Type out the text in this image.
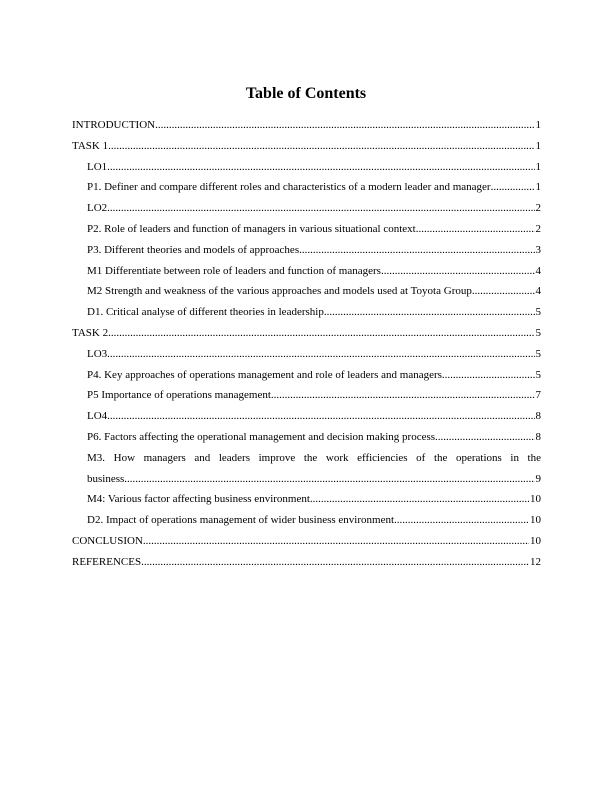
Table of Contents
INTRODUCTION .....	1
TASK 1 .....	1
LO1 .....	1
P1. Definer and compare different roles and characteristics of a modern leader and manager .....	1
LO2 .....	2
P2. Role of leaders and function of managers in various situational context .....	2
P3. Different theories and models of approaches .....	3
M1 Differentiate between role of leaders and function of managers .....	4
M2 Strength and weakness of the various approaches and models used at Toyota Group .....	4
D1. Critical analyse of different theories in leadership .....	5
TASK 2 .....	5
LO3 .....	5
P4. Key approaches of operations management and role of leaders and managers .....	5
P5 Importance of operations management .....	7
LO4 .....	8
P6. Factors affecting the operational management and decision making process .....	8
M3. How managers and leaders improve the work efficiencies of the operations in the
business. .....	9
M4: Various factor affecting business environment .....	10
D2. Impact of operations management of wider business environment .....	10
CONCLUSION .....	10
REFERENCES .....	12
